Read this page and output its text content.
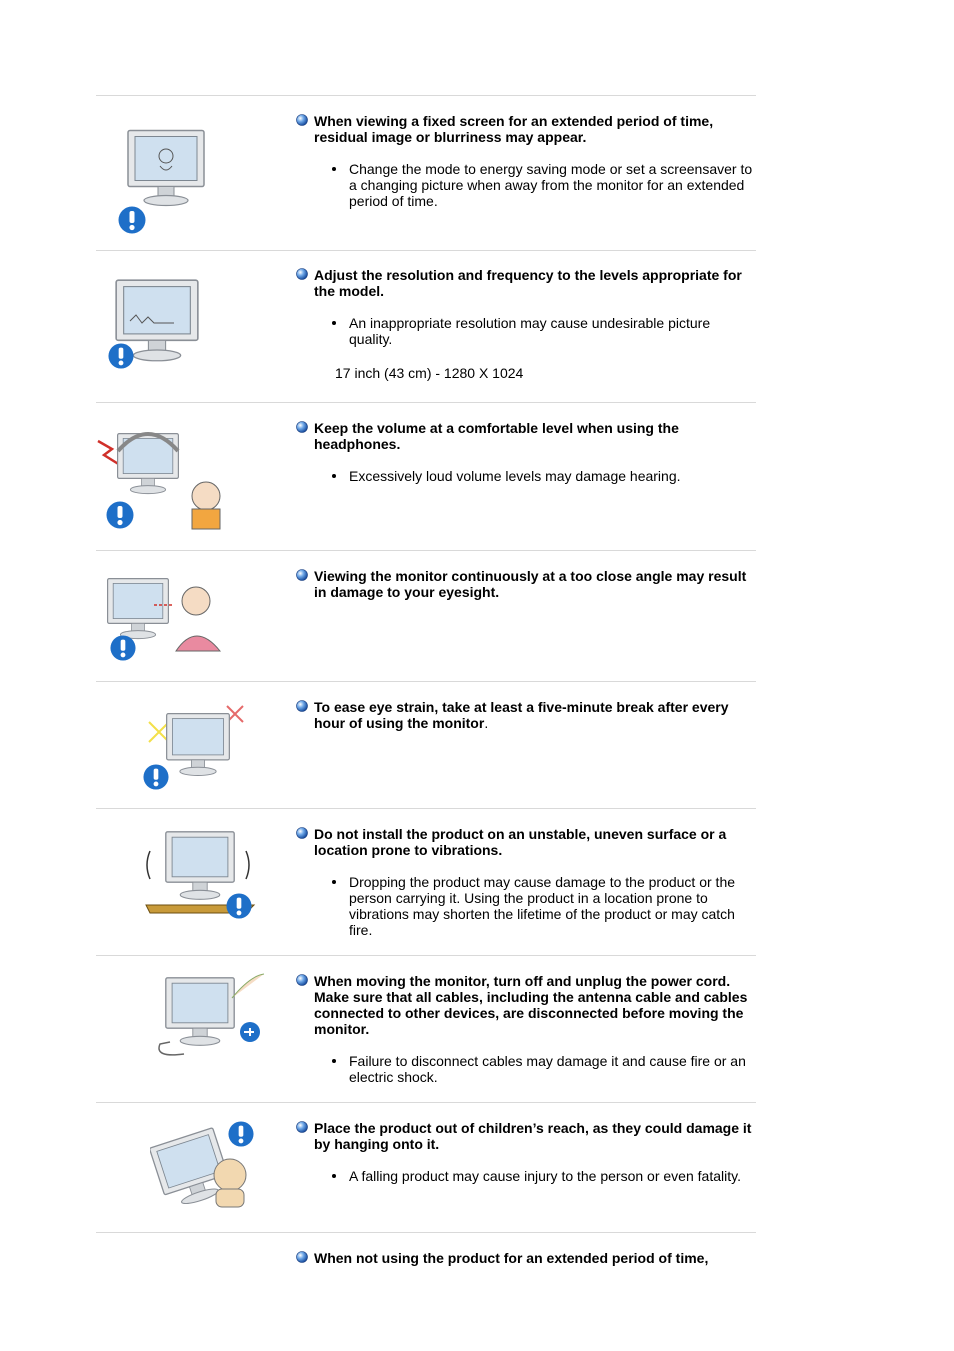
When viewing a fixed screen for an extended period of time, residual image or blurriness may appear.
Change the mode to energy saving mode or set a screensaver to a changing picture when away from the monitor for an extended period of time.
Adjust the resolution and frequency to the levels appropriate for the model.
An inappropriate resolution may cause undesirable picture quality.
17 inch (43 cm) - 1280 X 1024
Keep the volume at a comfortable level when using the headphones.
Excessively loud volume levels may damage hearing.
Viewing the monitor continuously at a too close angle may result in damage to your eyesight.
To ease eye strain, take at least a five-minute break after every hour of using the monitor.
Do not install the product on an unstable, uneven surface or a location prone to vibrations.
Dropping the product may cause damage to the product or the person carrying it. Using the product in a location prone to vibrations may shorten the lifetime of the product or may catch fire.
When moving the monitor, turn off and unplug the power cord. Make sure that all cables, including the antenna cable and cables connected to other devices, are disconnected before moving the monitor.
Failure to disconnect cables may damage it and cause fire or an electric shock.
Place the product out of children’s reach, as they could damage it by hanging onto it.
A falling product may cause injury to the person or even fatality.
When not using the product for an extended period of time,
